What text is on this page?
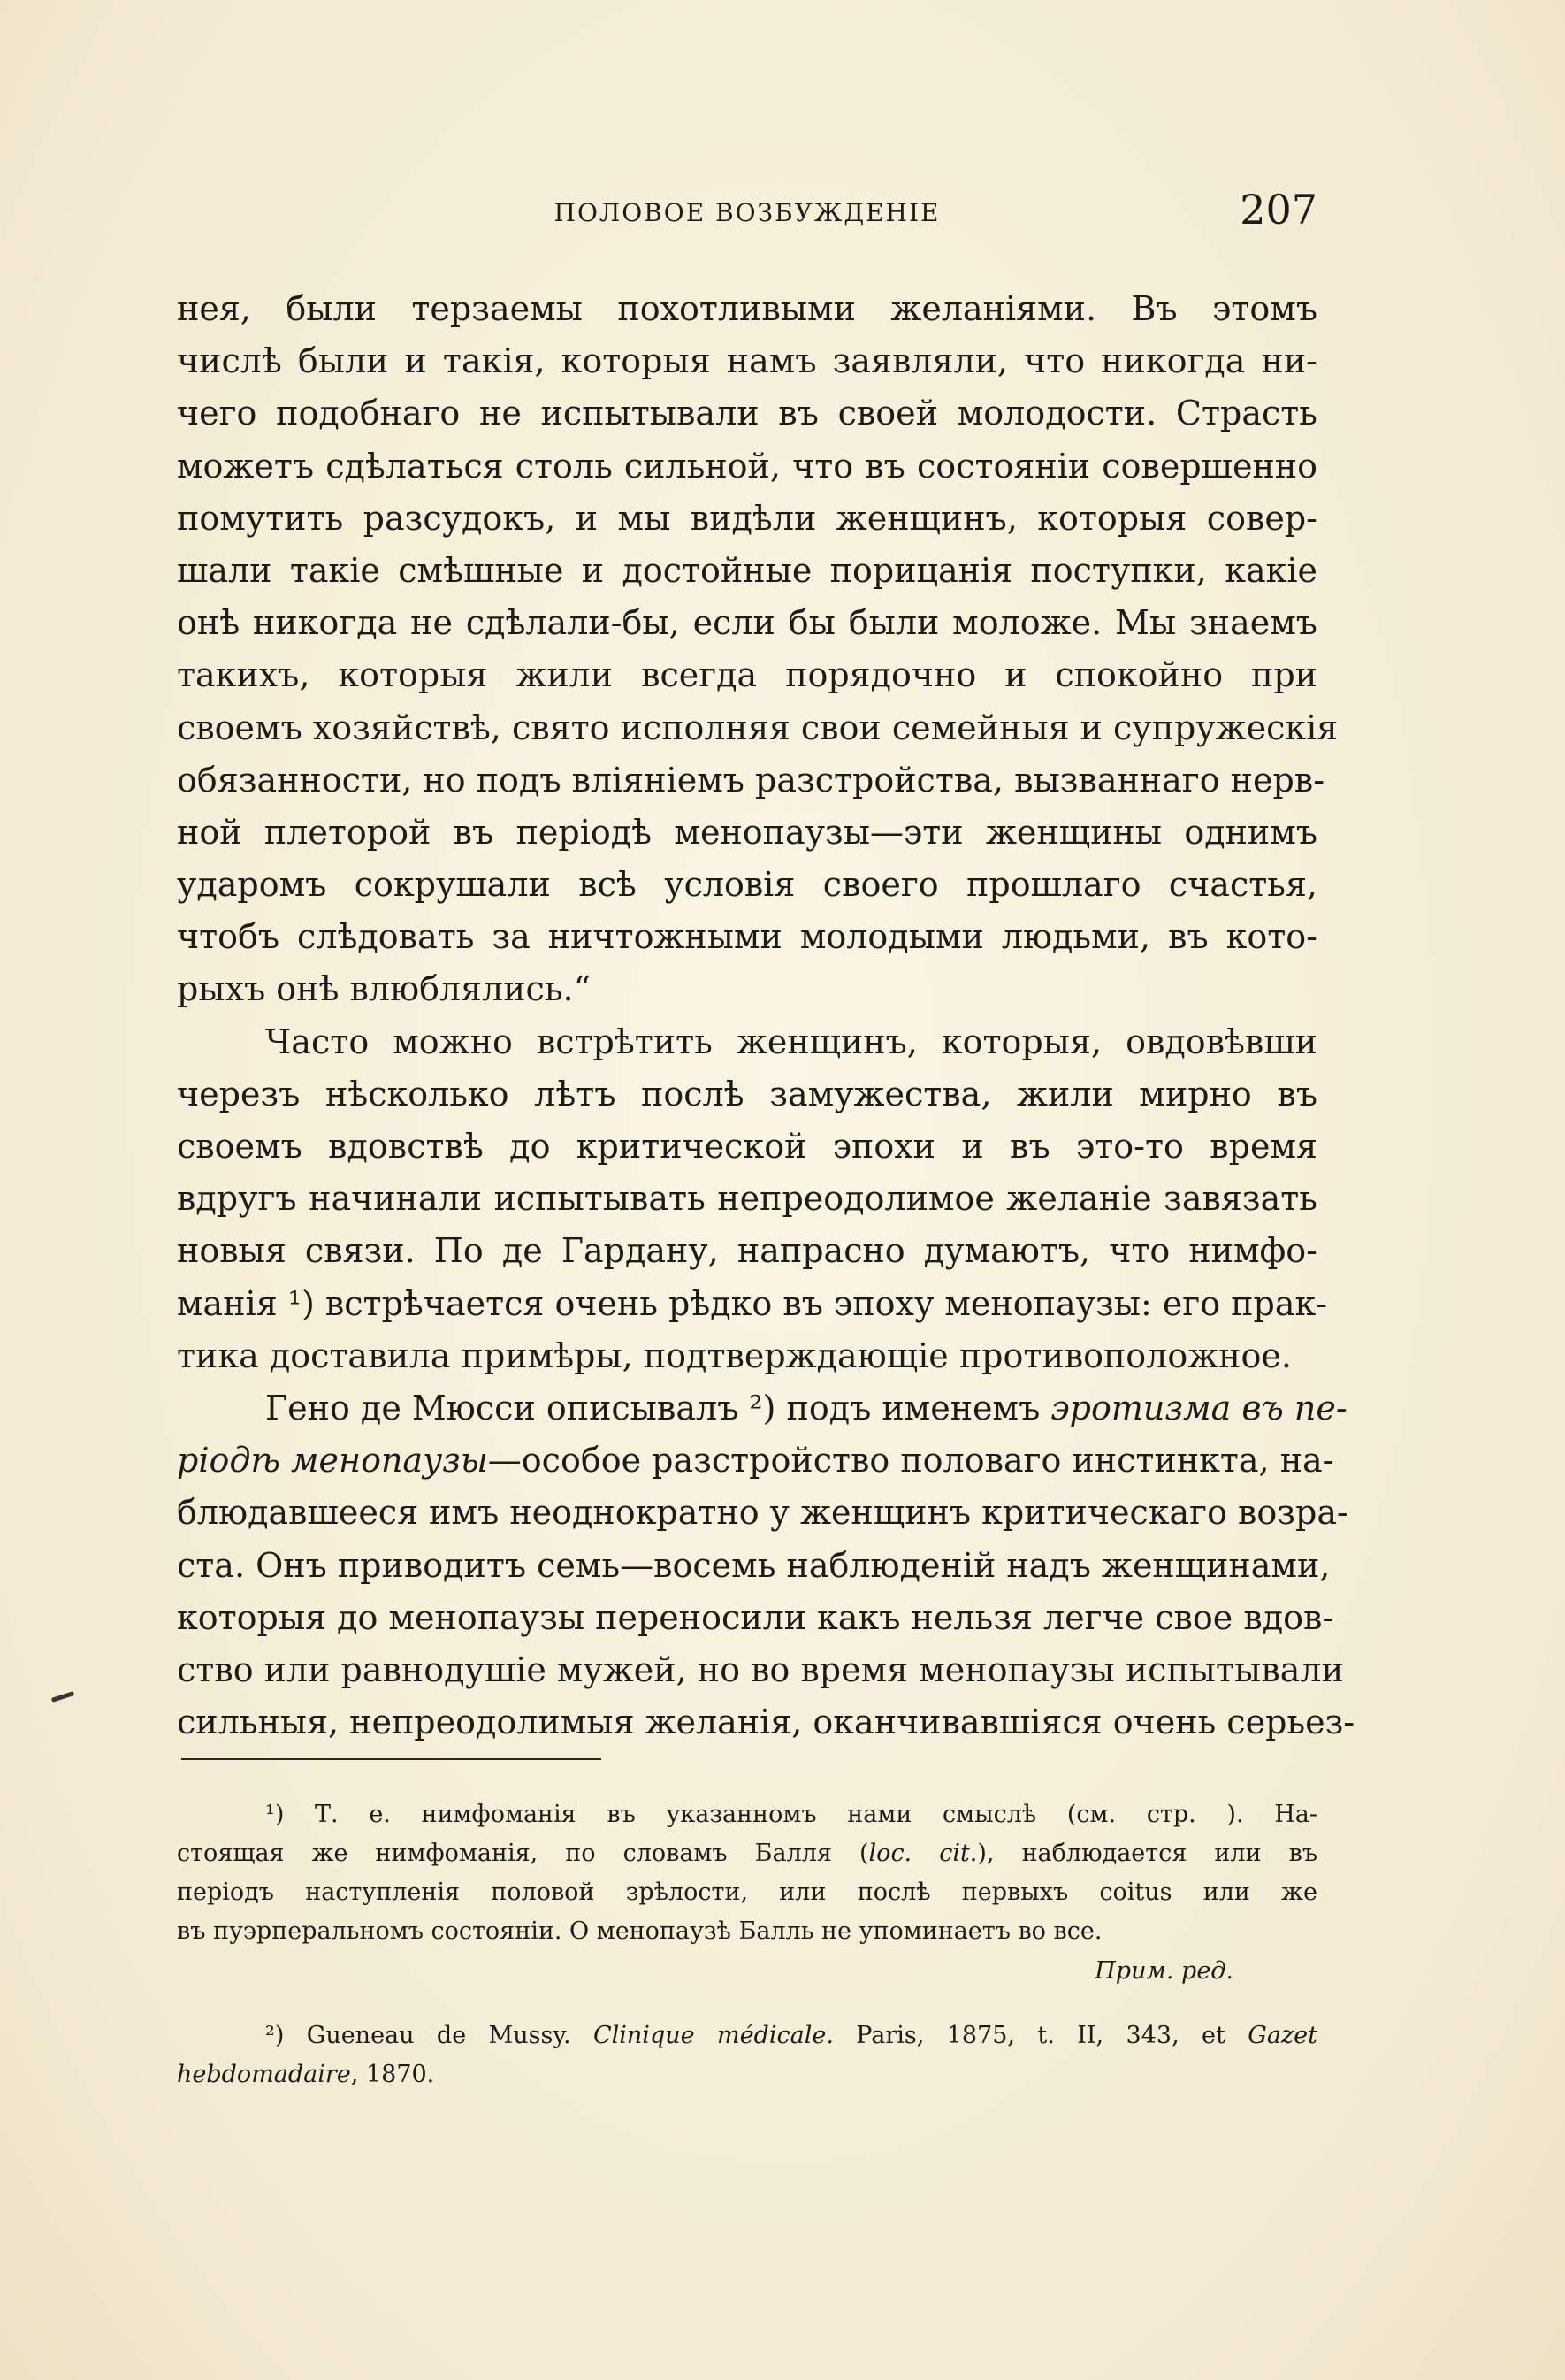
ПОЛОВОЕ ВОЗБУЖДЕНІЕ	207
нея, были терзаемы похотливыми желаніями. Въ этомъ
числѣ были и такія, которыя намъ заявляли, что никогда ни-
чего подобнаго не испытывали въ своей молодости. Страсть
можетъ сдѣлаться столь сильной, что въ состояніи совершенно
помутить разсудокъ, и мы видѣли женщинъ, которыя совер-
шали такіе смѣшные и достойные порицанія поступки, какіе
онѣ никогда не сдѣлали-бы, если бы были моложе. Мы знаемъ
такихъ, которыя жили всегда порядочно и спокойно при
своемъ хозяйствѣ, свято исполняя свои семейныя и супружескія
обязанности, но подъ вліяніемъ разстройства, вызваннаго нерв-
ной плеторой въ періодѣ менопаузы—эти женщины однимъ
ударомъ сокрушали всѣ условія своего прошлаго счастья,
чтобъ слѣдовать за ничтожными молодыми людьми, въ кото-
рыхъ онѣ влюблялись.“
Часто можно встрѣтить женщинъ, которыя, овдовѣвши
черезъ нѣсколько лѣтъ послѣ замужества, жили мирно въ
своемъ вдовствѣ до критической эпохи и въ это-то время
вдругъ начинали испытывать непреодолимое желаніе завязать
новыя связи. По де Гардану, напрасно думаютъ, что нимфо-
манія ¹) встрѣчается очень рѣдко въ эпоху менопаузы: его прак-
тика доставила примѣры, подтверждающіе противоположное.
Гено де Мюсси описывалъ ²) подъ именемъ эротизма въ пе-
ріодѣ менопаузы—особое разстройство половаго инстинкта, на-
блюдавшееся имъ неоднократно у женщинъ критическаго возра-
ста. Онъ приводитъ семь—восемь наблюденій надъ женщинами,
которыя до менопаузы переносили какъ нельзя легче свое вдов-
ство или равнодушіе мужей, но во время менопаузы испытывали
сильныя, непреодолимыя желанія, оканчивавшіяся очень серьез-
¹) Т. е. нимфоманія въ указанномъ нами смыслѣ (см. стр. ). На-
стоящая же нимфоманія, по словамъ Балля (loc. cit.), наблюдается или въ
періодъ наступленія половой зрѣлости, или послѣ первыхъ coitus или же
въ пуэрперальномъ состояніи. О менопаузѣ Балль не упоминаетъ во все.
Прим. ред.
²) Gueneau de Mussy. Clinique médicale. Paris, 1875, t. II, 343, et Gazet
hebdomadaire, 1870.
